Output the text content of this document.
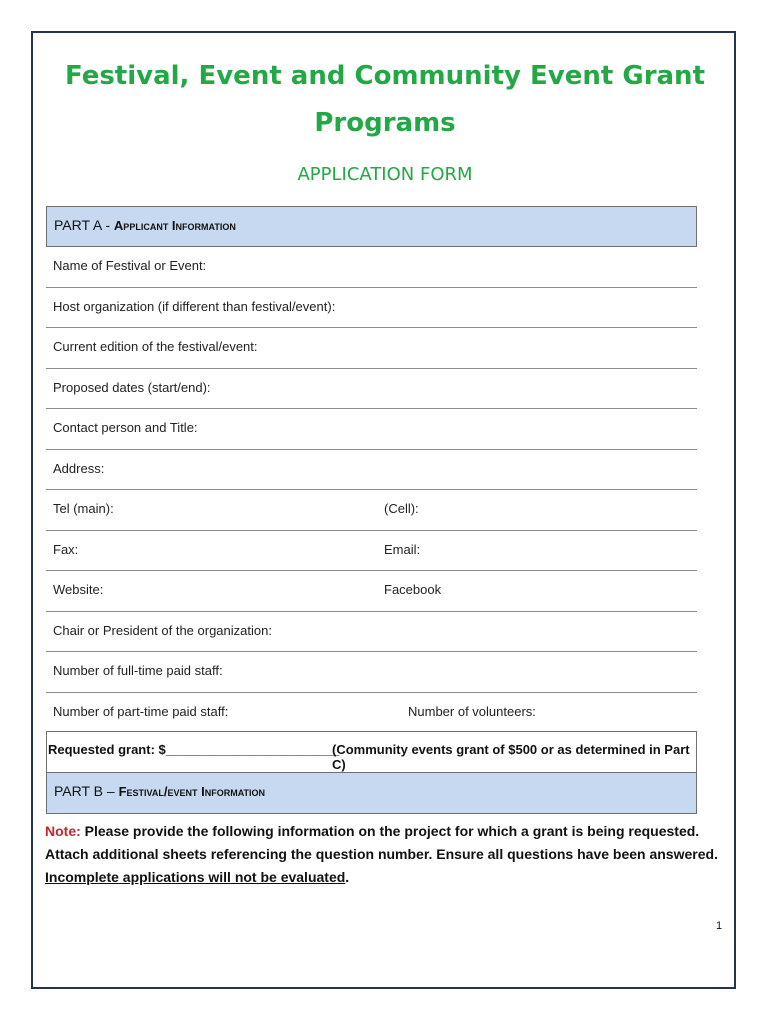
Festival, Event and Community Event Grant
Programs
APPLICATION FORM
PART A - Applicant Information
Name of Festival or Event:
Host organization (if different than festival/event):
Current edition of the festival/event:
Proposed dates (start/end):
Contact person and Title:
Address:
Tel (main):	(Cell):
Fax:	Email:
Website:	Facebook
Chair or President of the organization:
Number of full-time paid staff:
Number of part-time paid staff:	Number of volunteers:
Requested grant: $________________________
(Community events grant of $500 or as determined in Part C)
PART B – Festival/event Information
Note: Please provide the following information on the project for which a grant is being requested. Attach additional sheets referencing the question number. Ensure all questions have been answered. Incomplete applications will not be evaluated.
1
